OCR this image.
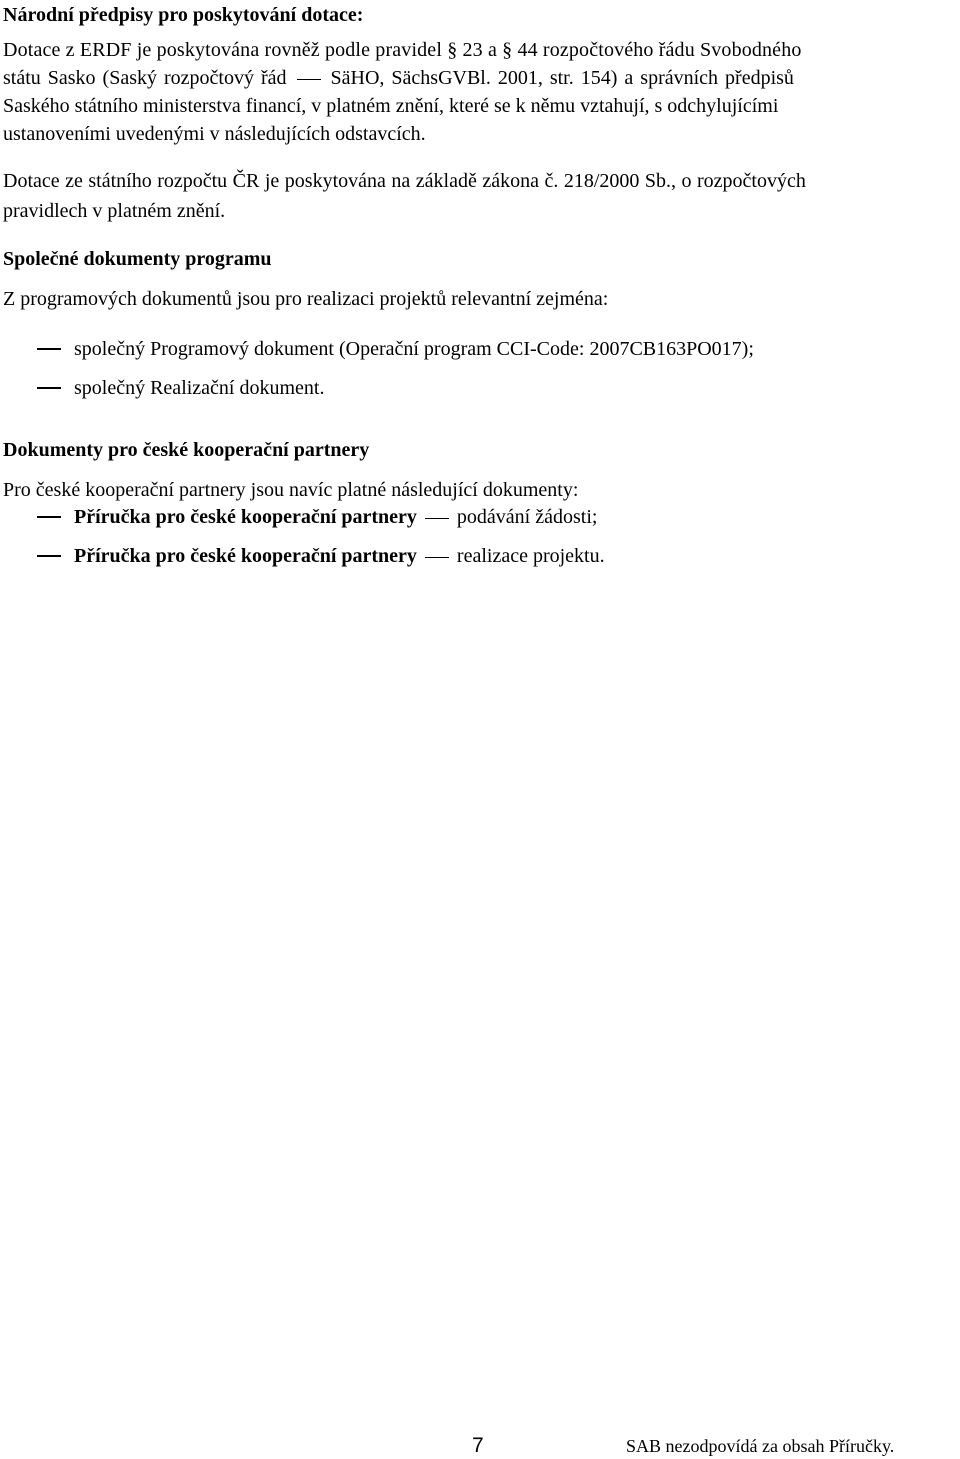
Národní předpisy pro poskytování dotace:

Dotace z ERDF je poskytována rovněž podle pravidel § 23 a § 44 rozpočtového řádu Svobodného
státu Sasko (Saský rozpočtový řád SäHO, SächsGVBl. 2001, str. 154) a správních předpisů
Saského státního ministerstva financí, v platném znění, které se k němu vztahují, s odchylujícími
ustanoveními uvedenými v následujících odstavcích.
Dotace ze státního rozpočtu ČR je poskytována na základě zákona č. 218/2000 Sb., o rozpočtových
pravidlech v platném znění.

Společné dokumenty programu

Z programových dokumentů jsou pro realizaci projektů relevantní zejména:
společný Programový dokument (Operační program CCI-Code: 2007CB163PO017);
společný Realizační dokument.

Dokumenty pro české kooperační partnery

Pro české kooperační partnery jsou navíc platné následující dokumenty:
Příručka pro české kooperační partnery podávání žádosti;
Příručka pro české kooperační partnery realizace projektu.
7	SAB nezodpovídá za obsah Příručky.
